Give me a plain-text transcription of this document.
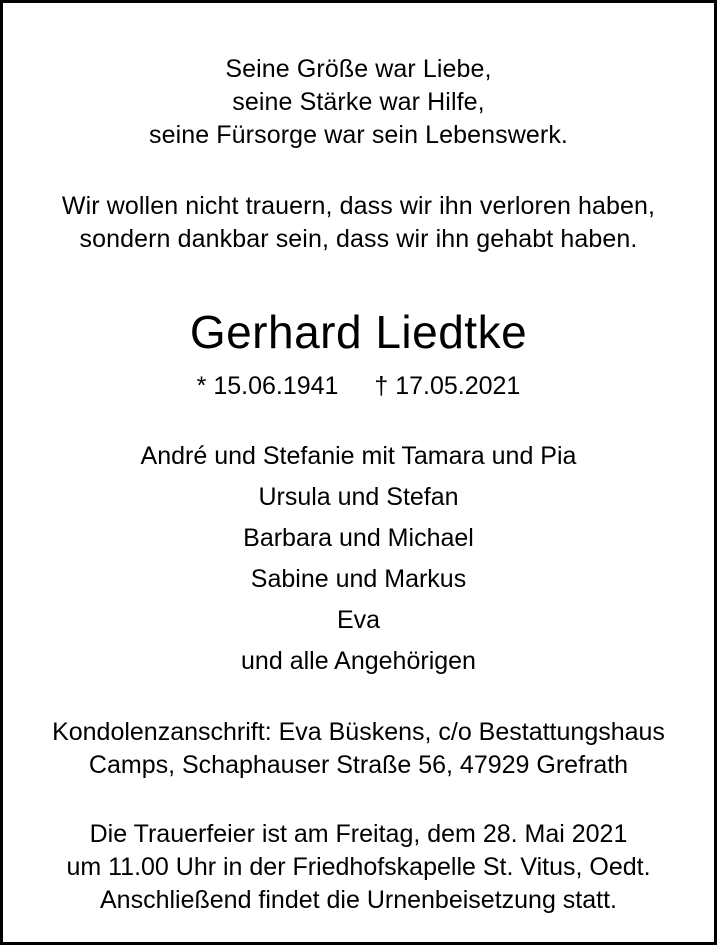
Seine Größe war Liebe,
seine Stärke war Hilfe,
seine Fürsorge war sein Lebenswerk.
Wir wollen nicht trauern, dass wir ihn verloren haben,
sondern dankbar sein, dass wir ihn gehabt haben.
Gerhard Liedtke
* 15.06.1941 † 17.05.2021
André und Stefanie mit Tamara und Pia
Ursula und Stefan
Barbara und Michael
Sabine und Markus
Eva
und alle Angehörigen
Kondolenzanschrift: Eva Büskens, c/o Bestattungshaus
Camps, Schaphauser Straße 56, 47929 Grefrath
Die Trauerfeier ist am Freitag, dem 28. Mai 2021
um 11.00 Uhr in der Friedhofskapelle St. Vitus, Oedt.
Anschließend findet die Urnenbeisetzung statt.
